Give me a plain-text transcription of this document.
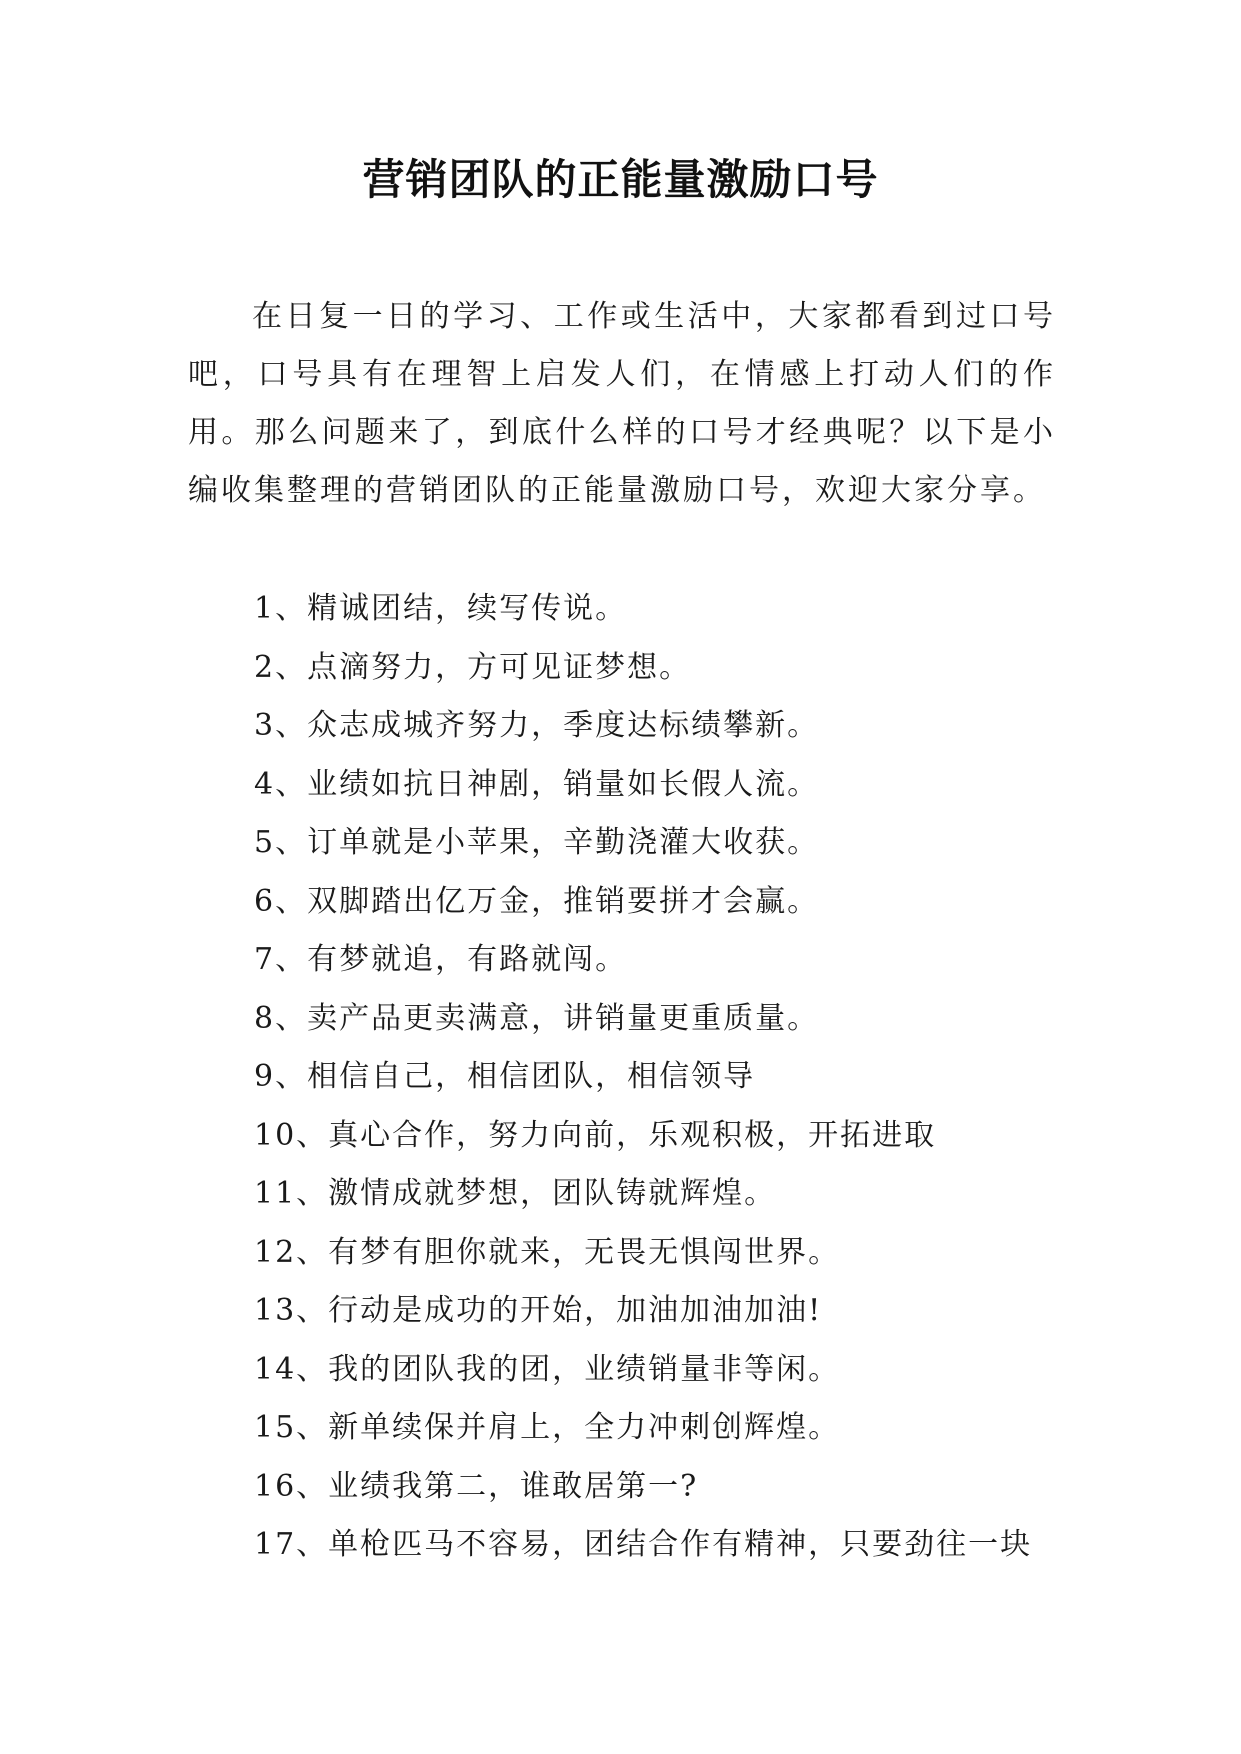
营销团队的正能量激励口号

在日复一日的学习、工作或生活中，大家都看到过口号吧，口号具有在理智上启发人们，在情感上打动人们的作用。那么问题来了，到底什么样的口号才经典呢？以下是小编收集整理的营销团队的正能量激励口号，欢迎大家分享。

1、精诚团结，续写传说。
2、点滴努力，方可见证梦想。
3、众志成城齐努力，季度达标绩攀新。
4、业绩如抗日神剧，销量如长假人流。
5、订单就是小苹果，辛勤浇灌大收获。
6、双脚踏出亿万金，推销要拼才会赢。
7、有梦就追，有路就闯。
8、卖产品更卖满意，讲销量更重质量。
9、相信自己，相信团队，相信领导
10、真心合作，努力向前，乐观积极，开拓进取
11、激情成就梦想，团队铸就辉煌。
12、有梦有胆你就来，无畏无惧闯世界。
13、行动是成功的开始，加油加油加油!
14、我的团队我的团，业绩销量非等闲。
15、新单续保并肩上，全力冲刺创辉煌。
16、业绩我第二，谁敢居第一?
17、单枪匹马不容易，团结合作有精神，只要劲往一块
